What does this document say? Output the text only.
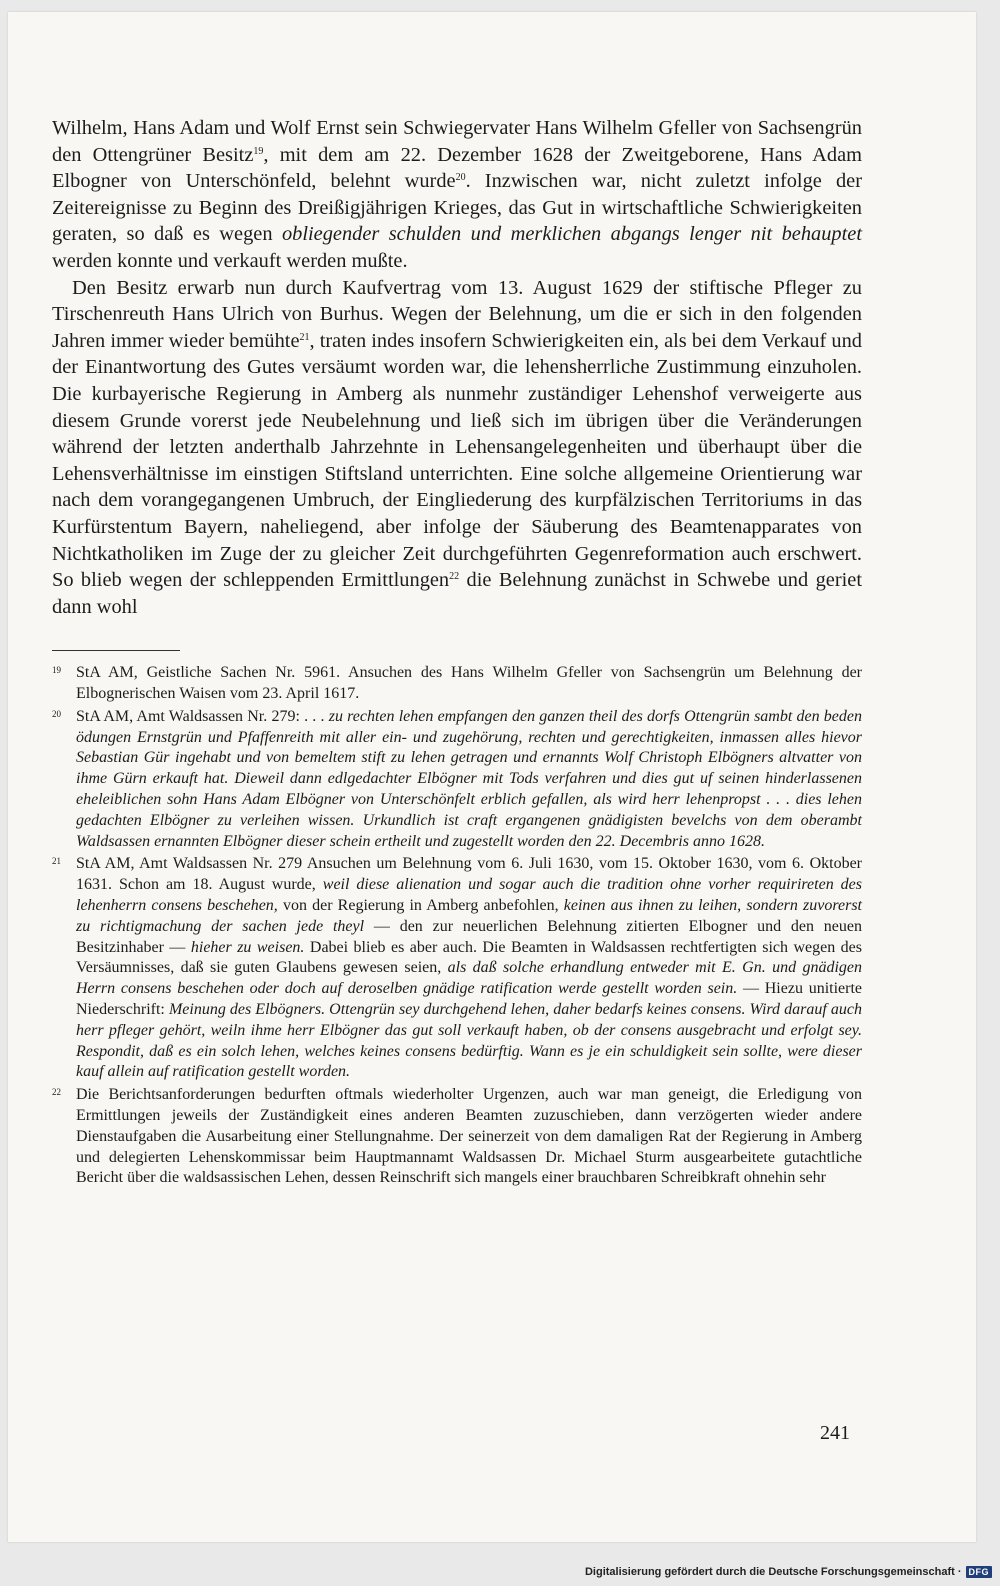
Wilhelm, Hans Adam und Wolf Ernst sein Schwiegervater Hans Wilhelm Gfeller von Sachsengrün den Ottengrüner Besitz$^{19}$, mit dem am 22. Dezember 1628 der Zweitgeborene, Hans Adam Elbogner von Unterschönfeld, belehnt wurde$^{20}$. Inzwischen war, nicht zuletzt infolge der Zeitereignisse zu Beginn des Dreißigjährigen Krieges, das Gut in wirtschaftliche Schwierigkeiten geraten, so daß es wegen obliegender schulden und merklichen abgangs lenger nit behauptet werden konnte und verkauft werden mußte.

Den Besitz erwarb nun durch Kaufvertrag vom 13. August 1629 der stiftische Pfleger zu Tirschenreuth Hans Ulrich von Burhus. Wegen der Belehnung, um die er sich in den folgenden Jahren immer wieder bemühte$^{21}$, traten indes insofern Schwierigkeiten ein, als bei dem Verkauf und der Einantwortung des Gutes versäumt worden war, die lehensherrliche Zustimmung einzuholen. Die kurbayerische Regierung in Amberg als nunmehr zuständiger Lehenshof verweigerte aus diesem Grunde vorerst jede Neubelehnung und ließ sich im übrigen über die Veränderungen während der letzten anderthalb Jahrzehnte in Lehensangelegenheiten und überhaupt über die Lehensverhältnisse im einstigen Stiftsland unterrichten. Eine solche allgemeine Orientierung war nach dem vorangegangenen Umbruch, der Eingliederung des kurpfälzischen Territoriums in das Kurfürstentum Bayern, naheliegend, aber infolge der Säuberung des Beamtenapparates von Nichtkatholiken im Zuge der zu gleicher Zeit durchgeführten Gegenreformation auch erschwert. So blieb wegen der schleppenden Ermittlungen$^{22}$ die Belehnung zunächst in Schwebe und geriet dann wohl

19 StA AM, Geistliche Sachen Nr. 5961. Ansuchen des Hans Wilhelm Gfeller von Sachsengrün um Belehnung der Elbognerischen Waisen vom 23. April 1617.
20 StA AM, Amt Waldsassen Nr. 279: . . . zu rechten lehen empfangen den ganzen theil des dorfs Ottengrün sambt den beden ödungen Ernstgrün und Pfaffenreith mit aller ein- und zugehörung, rechten und gerechtigkeiten, inmassen alles hievor Sebastian Gür ingehabt und von bemeltem stift zu lehen getragen und ernannts Wolf Christoph Elbögners altvatter von ihme Gürn erkauft hat. Dieweil dann edlgedachter Elbögner mit Tods verfahren und dies gut uf seinen hinderlassenen eheleiblichen sohn Hans Adam Elbögner von Unterschönfelt erblich gefallen, als wird herr lehenpropst . . . dies lehen gedachten Elbögner zu verleihen wissen. Urkundlich ist craft ergangenen gnädigisten bevelchs von dem oberambt Waldsassen ernannten Elbögner dieser schein ertheilt und zugestellt worden den 22. Decembris anno 1628.
21 StA AM, Amt Waldsassen Nr. 279 Ansuchen um Belehnung vom 6. Juli 1630, vom 15. Oktober 1630, vom 6. Oktober 1631. Schon am 18. August wurde, weil diese alienation und sogar auch die tradition ohne vorher requirireten des lehenherrn consens beschehen, von der Regierung in Amberg anbefohlen, keinen aus ihnen zu leihen, sondern zuvorerst zu richtigmachung der sachen jede theyl — den zur neuerlichen Belehnung zitierten Elbogner und den neuen Besitzinhaber — hieher zu weisen. Dabei blieb es aber auch. Die Beamten in Waldsassen rechtfertigten sich wegen des Versäumnisses, daß sie guten Glaubens gewesen seien, als daß solche erhandlung entweder mit E. Gn. und gnädigen Herrn consens beschehen oder doch auf deroselben gnädige ratification werde gestellt worden sein. — Hiezu unitierte Niederschrift: Meinung des Elbögners. Ottengrün sey durchgehend lehen, daher bedarfs keines consens. Wird darauf auch herr pfleger gehört, weiln ihme herr Elbögner das gut soll verkauft haben, ob der consens ausgebracht und erfolgt sey. Respondit, daß es ein solch lehen, welches keines consens bedürftig. Wann es je ein schuldigkeit sein sollte, were dieser kauf allein auf ratification gestellt worden.
22 Die Berichtsanforderungen bedurften oftmals wiederholter Urgenzen, auch war man geneigt, die Erledigung von Ermittlungen jeweils der Zuständigkeit eines anderen Beamten zuzuschieben, dann verzögerten wieder andere Dienstaufgaben die Ausarbeitung einer Stellungnahme. Der seinerzeit von dem damaligen Rat der Regierung in Amberg und delegierten Lehenskommissar beim Hauptmannamt Waldsassen Dr. Michael Sturm ausgearbeitete gutachtliche Bericht über die waldsassischen Lehen, dessen Reinschrift sich mangels einer brauchbaren Schreibkraft ohnehin sehr
241
Digitalisierung gefördert durch die Deutsche Forschungsgemeinschaft · DFG
